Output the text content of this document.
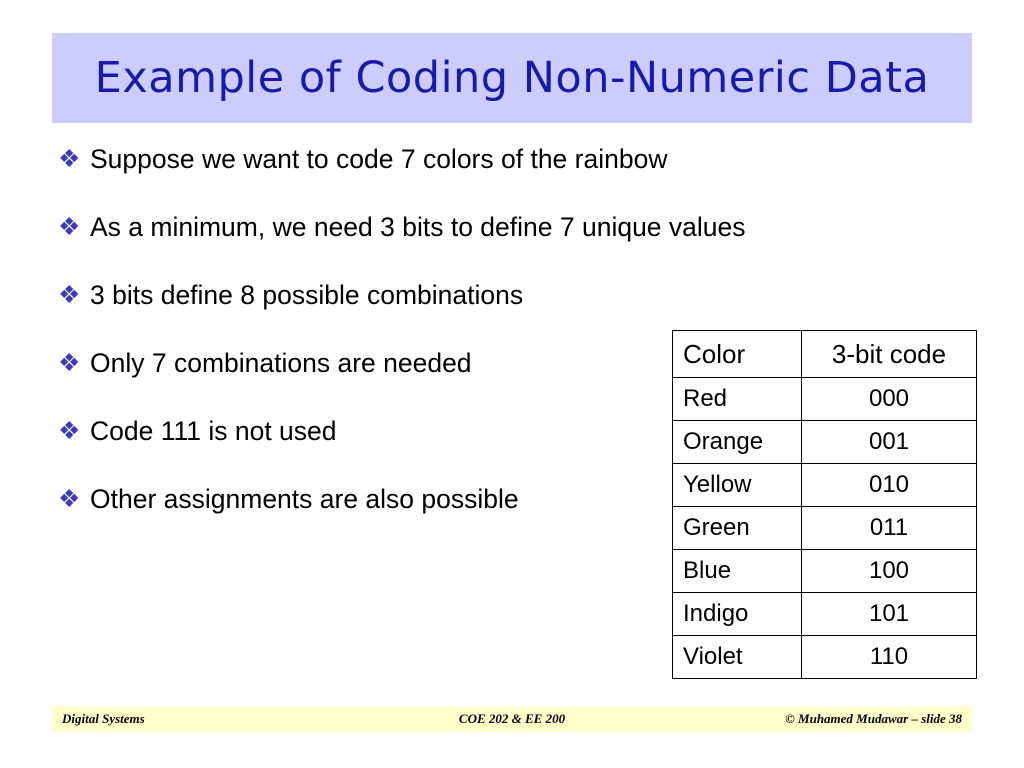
Example of Coding Non-Numeric Data
❖ Suppose we want to code 7 colors of the rainbow
❖ As a minimum, we need 3 bits to define 7 unique values
❖ 3 bits define 8 possible combinations
❖ Only 7 combinations are needed
❖ Code 111 is not used
❖ Other assignments are also possible
Color	3-bit code
Red	000
Orange	001
Yellow	010
Green	011
Blue	100
Indigo	101
Violet	110
Digital Systems	COE 202 & EE 200	© Muhamed Mudawar – slide 38
